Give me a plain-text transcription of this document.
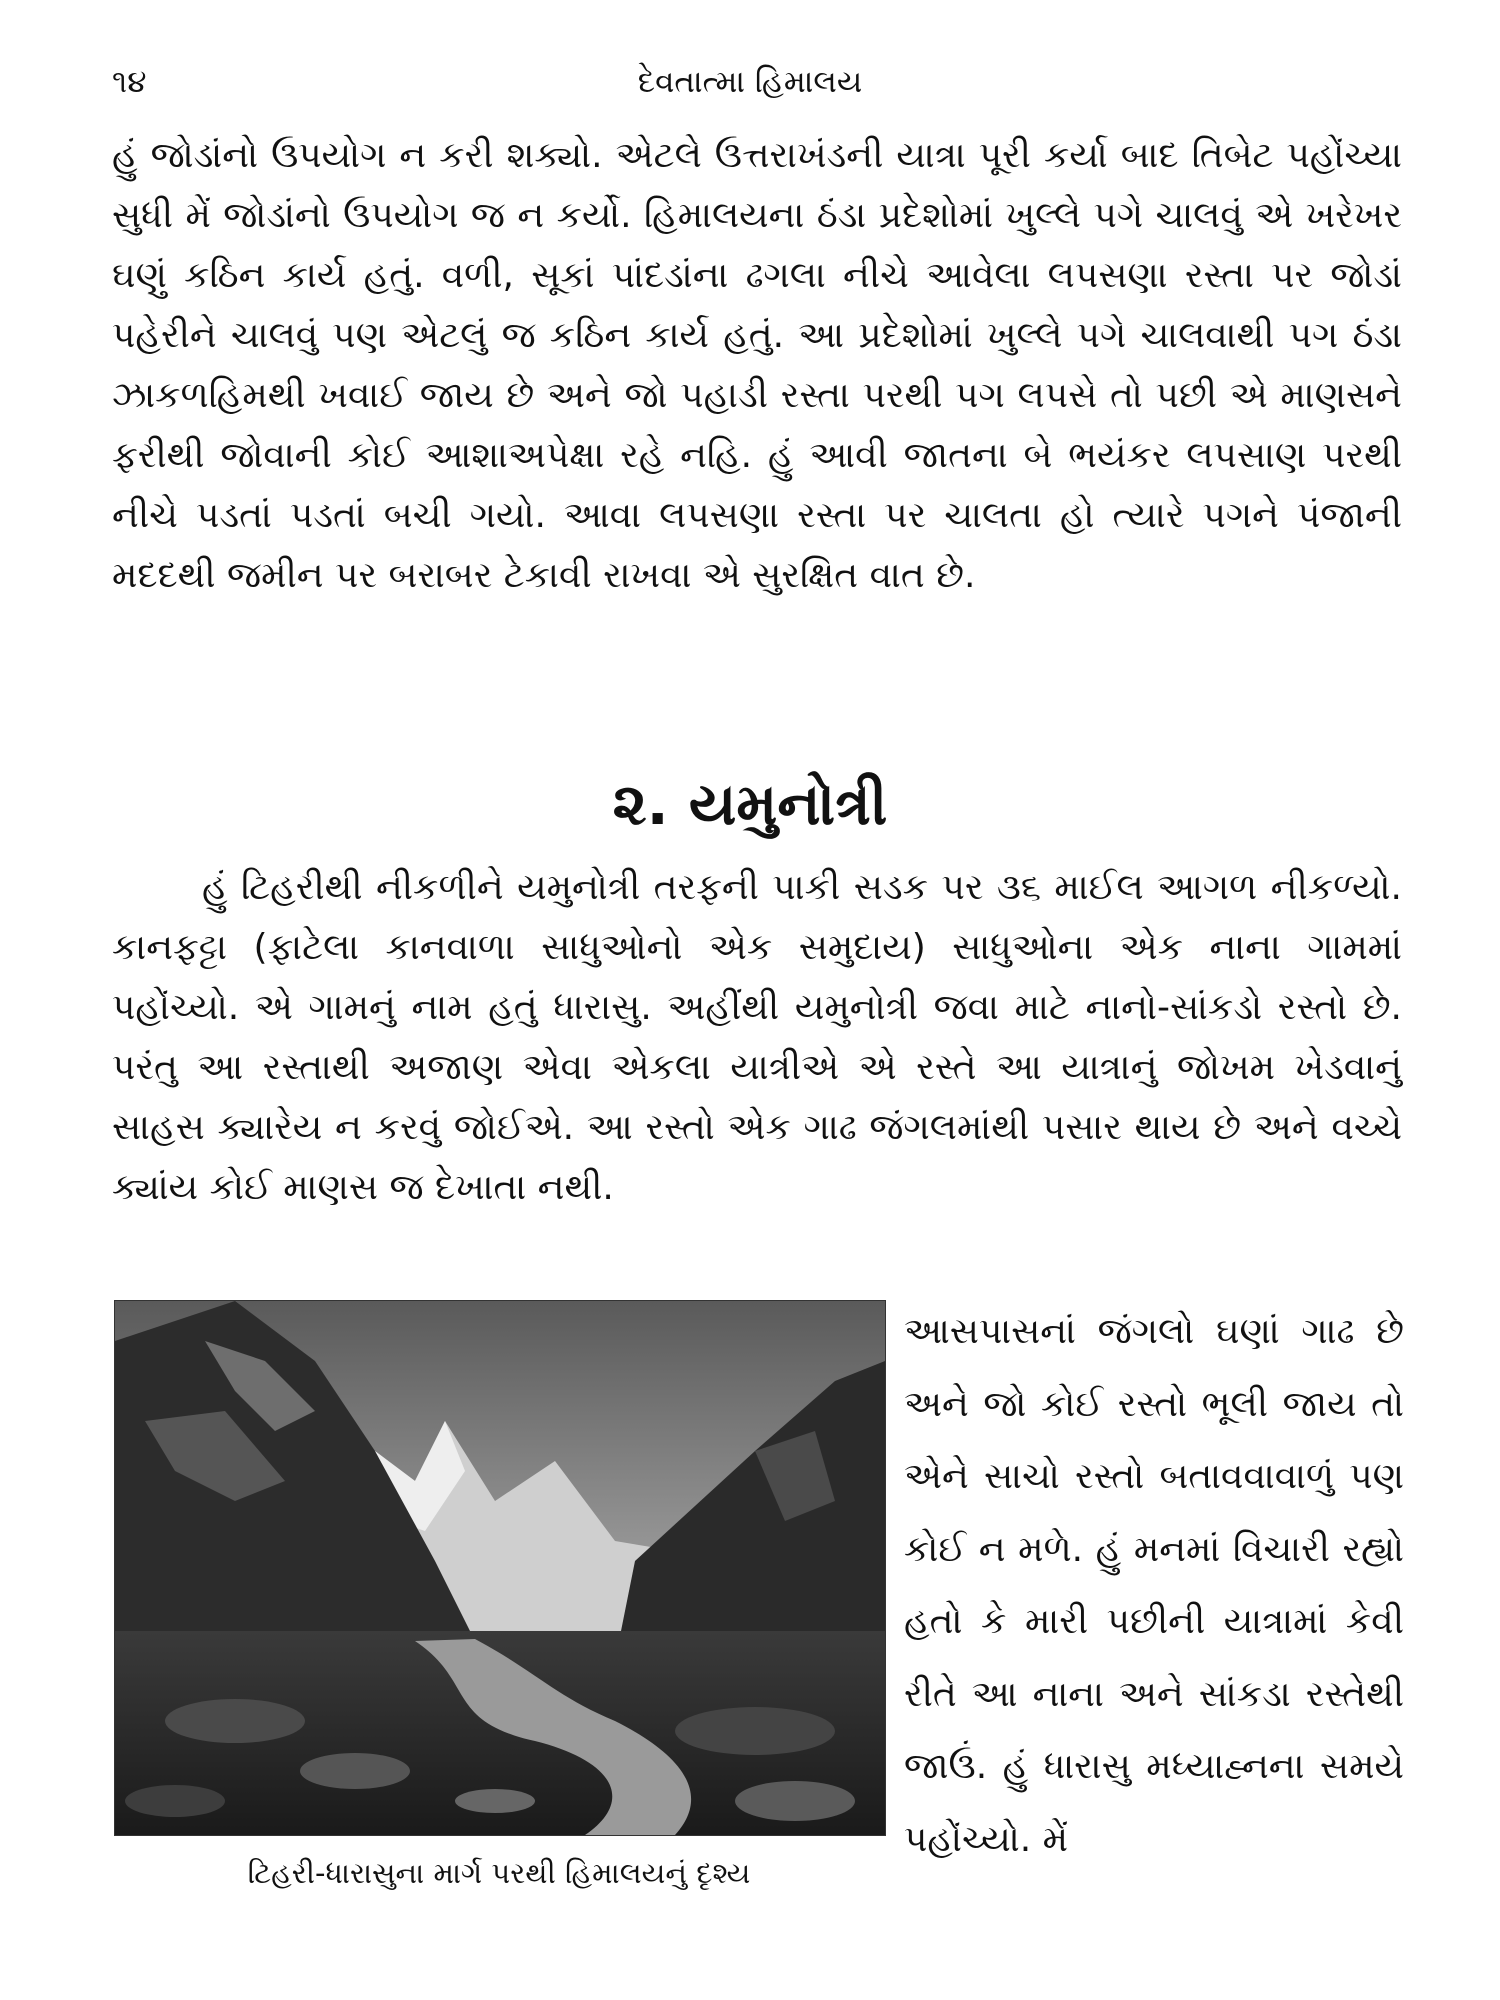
૧૪	દેવતાત્મા હિમાલય
હું જોડાંનો ઉપયોગ ન કરી શક્યો. એટલે ઉત્તરાખંડની યાત્રા પૂરી કર્યા બાદ તિબેટ પહોંચ્યા સુધી મેં જોડાંનો ઉપયોગ જ ન કર્યો. હિમાલયના ઠંડા પ્રદેશોમાં ખુલ્લે પગે ચાલવું એ ખરેખર ઘણું કઠિન કાર્ય હતું. વળી, સૂકાં પાંદડાંના ઢગલા નીચે આવેલા લપસણા રસ્તા પર જોડાં પહેરીને ચાલવું પણ એટલું જ કઠિન કાર્ય હતું. આ પ્રદેશોમાં ખુલ્લે પગે ચાલવાથી પગ ઠંડા ઝાકળહિમથી ખવાઈ જાય છે અને જો પહાડી રસ્તા પરથી પગ લપસે તો પછી એ માણસને ફરીથી જોવાની કોઈ આશાઅપેક્ષા રહે નહિ. હું આવી જાતના બે ભયંકર લપસાણ પરથી નીચે પડતાં પડતાં બચી ગયો. આવા લપસણા રસ્તા પર ચાલતા હો ત્યારે પગને પંજાની મદદથી જમીન પર બરાબર ટેકાવી રાખવા એ સુરક્ષિત વાત છે.
૨. યમુનોત્રી
હું ટિહરીથી નીકળીને યમુનોત્રી તરફની પાકી સડક પર ૩૬ માઈલ આગળ નીકળ્યો. કાનફટ્ટા (ફાટેલા કાનવાળા સાધુઓનો એક સમુદાય) સાધુઓના એક નાના ગામમાં પહોંચ્યો. એ ગામનું નામ હતું ધારાસુ. અહીંથી યમુનોત્રી જવા માટે નાનો-સાંકડો રસ્તો છે. પરંતુ આ રસ્તાથી અજાણ એવા એકલા યાત્રીએ એ રસ્તે આ યાત્રાનું જોખમ ખેડવાનું સાહસ ક્યારેય ન કરવું જોઈએ. આ રસ્તો એક ગાઢ જંગલમાંથી પસાર થાય છે અને વચ્ચે ક્યાંય કોઈ માણસ જ દેખાતા નથી.
ટિહરી-ધારાસુના માર્ગ પરથી હિમાલયનું દૃશ્ય
આસપાસનાં જંગલો ઘણાં ગાઢ છે અને જો કોઈ રસ્તો ભૂલી જાય તો એને સાચો રસ્તો બતાવવાવાળું પણ કોઈ ન મળે. હું મનમાં વિચારી રહ્યો હતો કે મારી પછીની યાત્રામાં કેવી રીતે આ નાના અને સાંકડા રસ્તેથી જાઉં. હું ધારાસુ મધ્યાહ્નના સમયે પહોંચ્યો. મેં
